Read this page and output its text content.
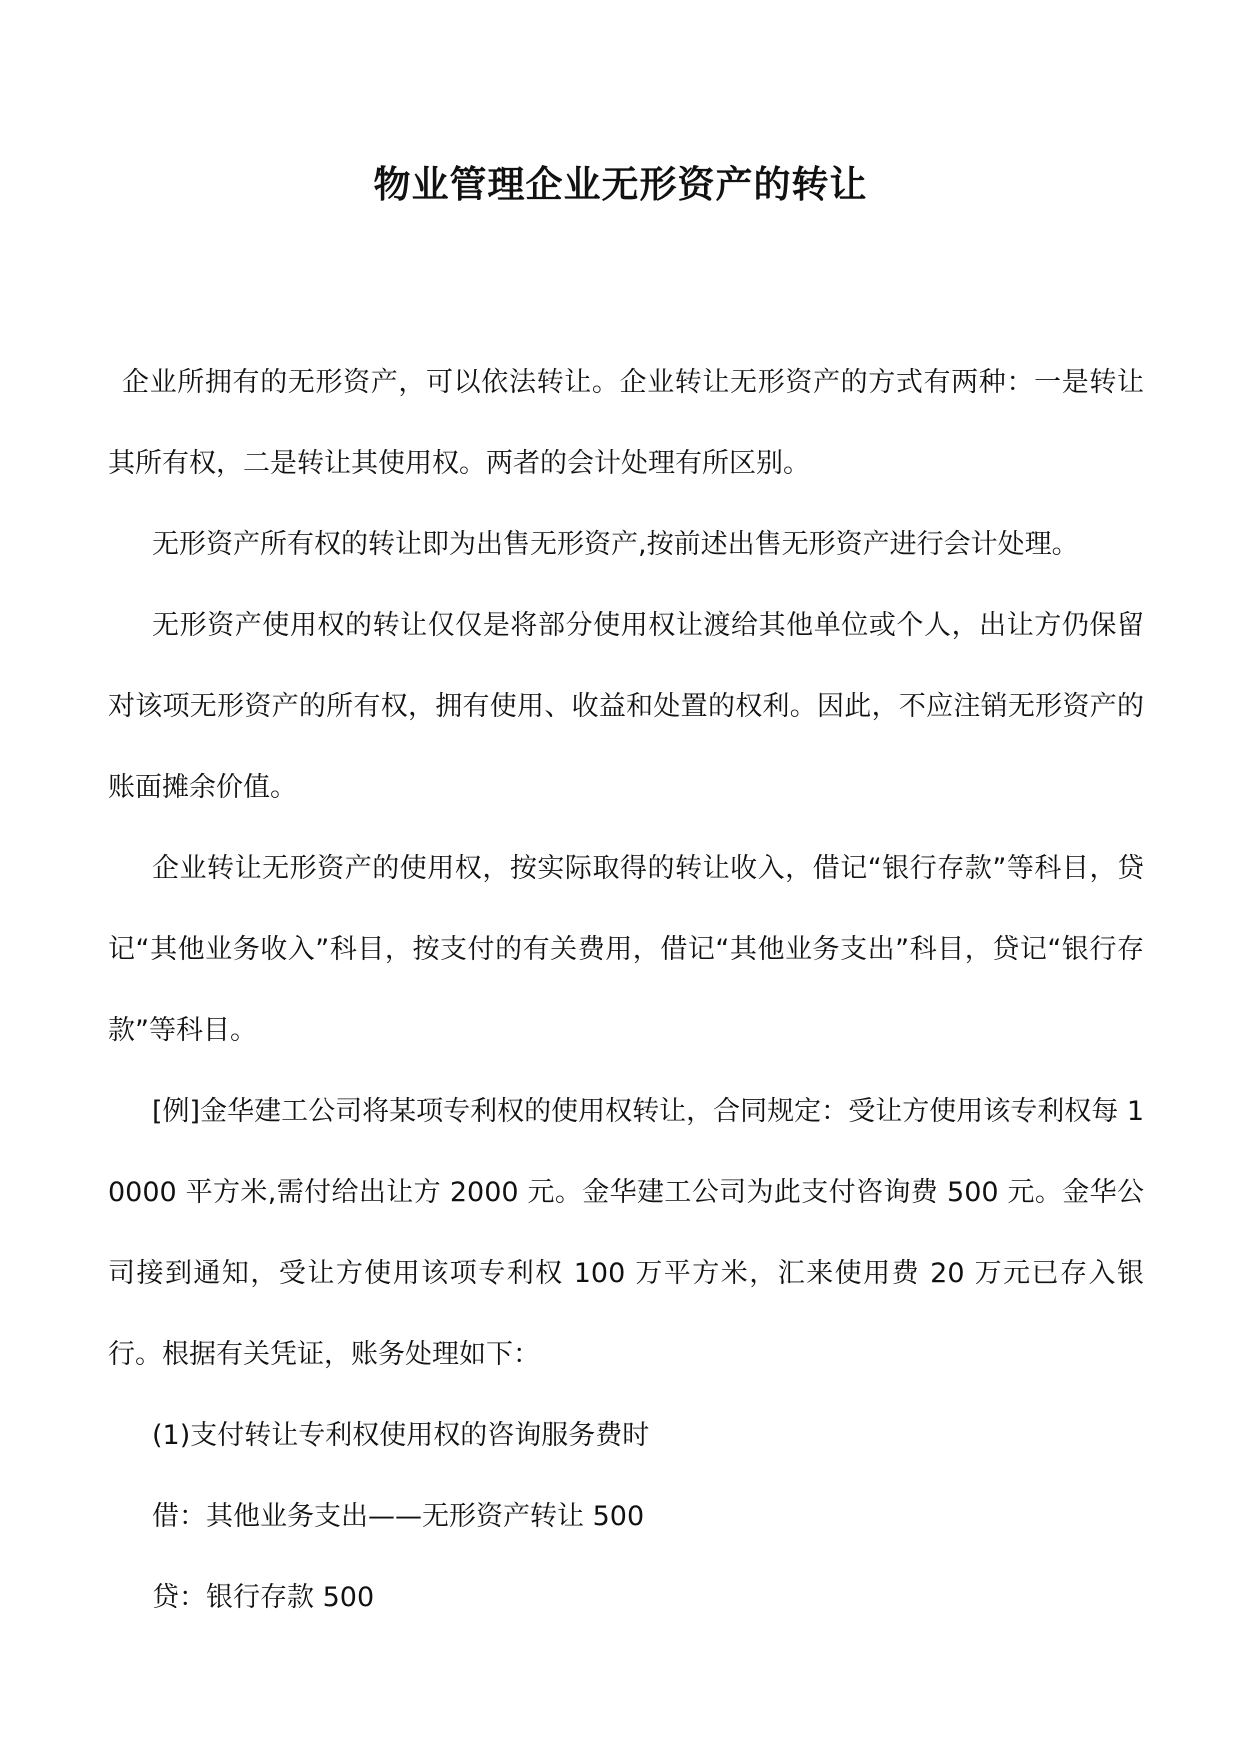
物业管理企业无形资产的转让

企业所拥有的无形资产，可以依法转让。企业转让无形资产的方式有两种：一是转让其所有权，二是转让其使用权。两者的会计处理有所区别。

无形资产所有权的转让即为出售无形资产,按前述出售无形资产进行会计处理。

无形资产使用权的转让仅仅是将部分使用权让渡给其他单位或个人，出让方仍保留对该项无形资产的所有权，拥有使用、收益和处置的权利。因此，不应注销无形资产的账面摊余价值。

企业转让无形资产的使用权，按实际取得的转让收入，借记“银行存款”等科目，贷记“其他业务收入”科目，按支付的有关费用，借记“其他业务支出”科目，贷记“银行存款”等科目。

[例]金华建工公司将某项专利权的使用权转让，合同规定：受让方使用该专利权每 10000 平方米,需付给出让方 2000 元。金华建工公司为此支付咨询费 500 元。金华公司接到通知，受让方使用该项专利权 100 万平方米，汇来使用费 20 万元已存入银行。根据有关凭证，账务处理如下：

(1)支付转让专利权使用权的咨询服务费时

借：其他业务支出——无形资产转让 500

贷：银行存款 500
